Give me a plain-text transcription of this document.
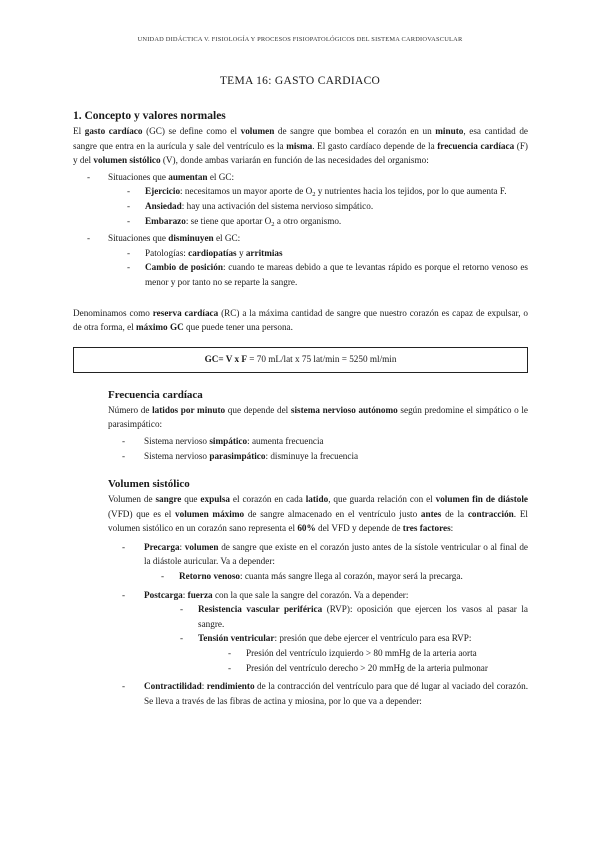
UNIDAD DIDÁCTICA V. FISIOLOGÍA Y PROCESOS FISIOPATOLÓGICOS DEL SISTEMA CARDIOVASCULAR
TEMA 16: GASTO CARDIACO
1. Concepto y valores normales

El gasto cardíaco (GC) se define como el volumen de sangre que bombea el corazón en un minuto, esa cantidad de sangre que entra en la aurícula y sale del ventrículo es la misma. El gasto cardíaco depende de la frecuencia cardíaca (F) y del volumen sistólico (V), donde ambas variarán en función de las necesidades del organismo:

-	Situaciones que aumentan el GC:
-	Ejercicio: necesitamos un mayor aporte de $O_2$ y nutrientes hacia los tejidos, por lo que aumenta F.
-	Ansiedad: hay una activación del sistema nervioso simpático.
-	Embarazo: se tiene que aportar $O_2$ a otro organismo.
-	Situaciones que disminuyen el GC:
-	Patologías: cardiopatías y arritmias
-	Cambio de posición: cuando te mareas debido a que te levantas rápido es porque el retorno venoso es menor y por tanto no se reparte la sangre.

Denominamos como reserva cardíaca (RC) a la máxima cantidad de sangre que nuestro corazón es capaz de expulsar, o de otra forma, el máximo GC que puede tener una persona.

GC= V x F = 70 mL/lat x 75 lat/min = 5250 ml/min
Frecuencia cardíaca

Número de latidos por minuto que depende del sistema nervioso autónomo según predomine el simpático o le parasimpático:

-	Sistema nervioso simpático: aumenta frecuencia
-	Sistema nervioso parasimpático: disminuye la frecuencia
Volumen sistólico

Volumen de sangre que expulsa el corazón en cada latido, que guarda relación con el volumen fin de diástole (VFD) que es el volumen máximo de sangre almacenado en el ventrículo justo antes de la contracción. El volumen sistólico en un corazón sano representa el 60% del VFD y depende de tres factores:

-	Precarga: volumen de sangre que existe en el corazón justo antes de la sístole ventricular o al final de la diástole auricular. Va a depender:
-	Retorno venoso: cuanta más sangre llega al corazón, mayor será la precarga.
-	Postcarga: fuerza con la que sale la sangre del corazón. Va a depender:
-	Resistencia vascular periférica (RVP): oposición que ejercen los vasos al pasar la sangre.
-	Tensión ventricular: presión que debe ejercer el ventrículo para esa RVP:
-	Presión del ventrículo izquierdo > 80 mmHg de la arteria aorta
-	Presión del ventrículo derecho > 20 mmHg de la arteria pulmonar
-	Contractilidad: rendimiento de la contracción del ventrículo para que dé lugar al vaciado del corazón. Se lleva a través de las fibras de actina y miosina, por lo que va a depender:
